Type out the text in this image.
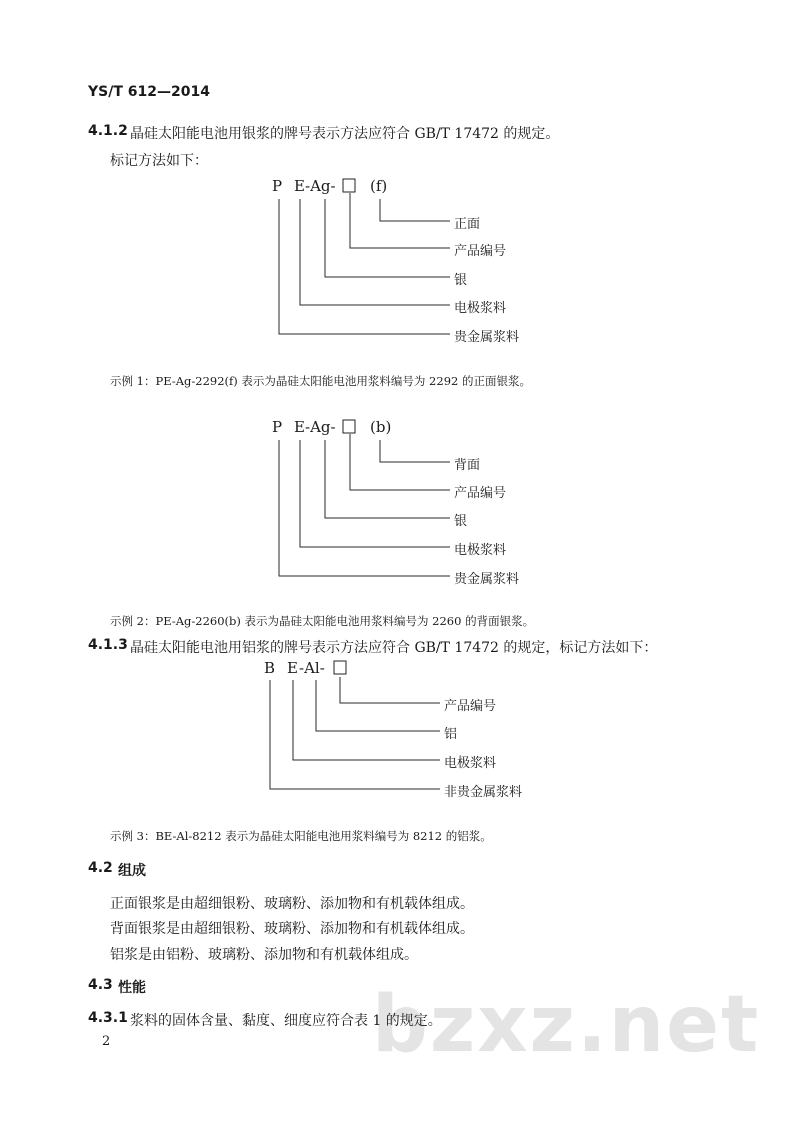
YS/T 612—2014
4.1.2 晶硅太阳能电池用银浆的牌号表示方法应符合 GB/T 17472 的规定。
标记方法如下：
P E -Ag- (f)
正面
产品编号
银
电极浆料
贵金属浆料
示例 1：PE-Ag-2292(f) 表示为晶硅太阳能电池用浆料编号为 2292 的正面银浆。
P E -Ag- (b)
背面
产品编号
银
电极浆料
贵金属浆料
示例 2：PE-Ag-2260(b) 表示为晶硅太阳能电池用浆料编号为 2260 的背面银浆。
4.1.3 晶硅太阳能电池用铝浆的牌号表示方法应符合 GB/T 17472 的规定，标记方法如下：
B E -Al-
产品编号
铝
电极浆料
非贵金属浆料
示例 3：BE-Al-8212 表示为晶硅太阳能电池用浆料编号为 8212 的铝浆。
4.2 组成
正面银浆是由超细银粉、玻璃粉、添加物和有机载体组成。
背面银浆是由超细银粉、玻璃粉、添加物和有机载体组成。
铝浆是由铝粉、玻璃粉、添加物和有机载体组成。
4.3 性能	bzxz.net
4.3.1 浆料的固体含量、黏度、细度应符合表 1 的规定。
2
